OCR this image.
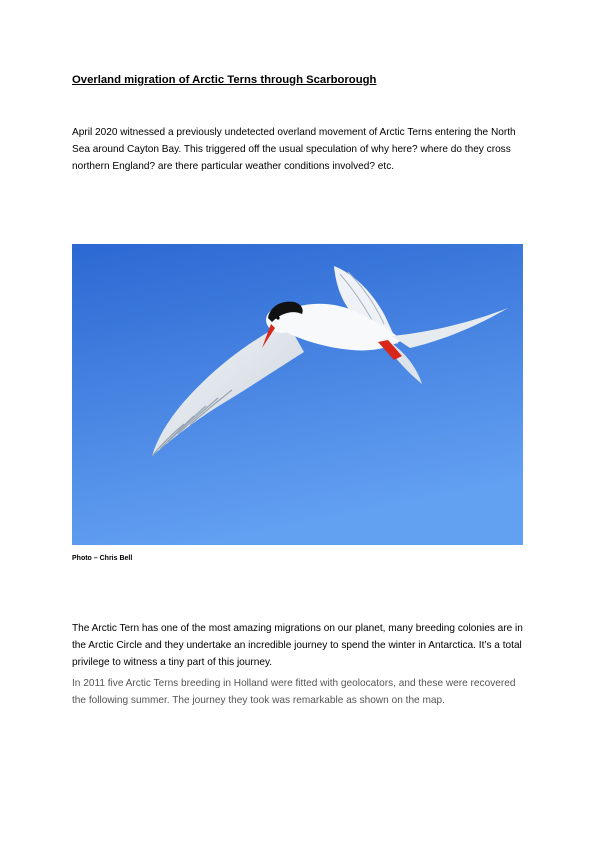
Overland migration of Arctic Terns through Scarborough

April 2020 witnessed a previously undetected overland movement of Arctic Terns entering the North Sea around Cayton Bay. This triggered off the usual speculation of why here? where do they cross northern England? are there particular weather conditions involved? etc.

Photo – Chris Bell

The Arctic Tern has one of the most amazing migrations on our planet, many breeding colonies are in the Arctic Circle and they undertake an incredible journey to spend the winter in Antarctica. It’s a total privilege to witness a tiny part of this journey.

In 2011 five Arctic Terns breeding in Holland were fitted with geolocators, and these were recovered the following summer. The journey they took was remarkable as shown on the map.
